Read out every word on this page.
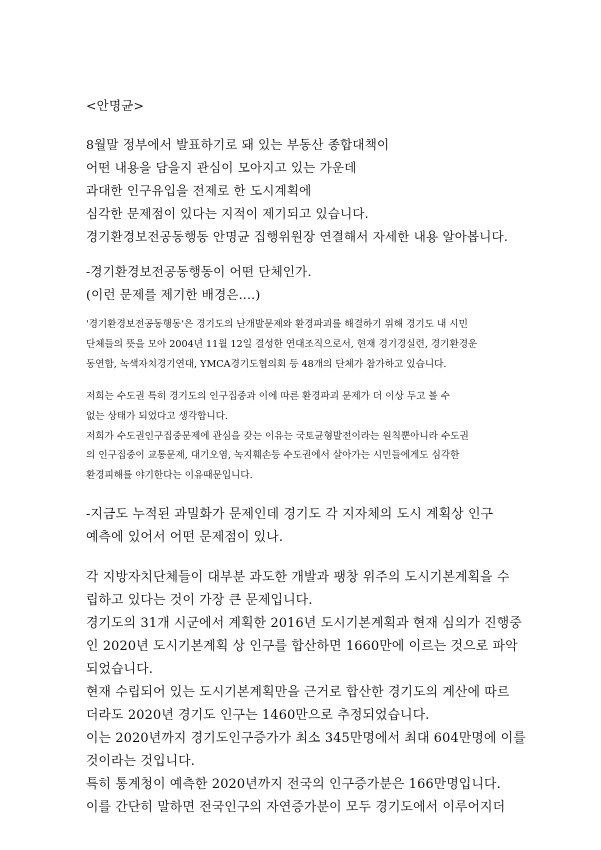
<안명균>
8월말 정부에서 발표하기로 돼 있는 부동산 종합대책이
어떤 내용을 담을지 관심이 모아지고 있는 가운데
과대한 인구유입을 전제로 한 도시계획에
심각한 문제점이 있다는 지적이 제기되고 있습니다.
경기환경보전공동행동 안명균 집행위원장 연결해서 자세한 내용 알아봅니다.
-경기환경보전공동행동이 어떤 단체인가.
(이런 문제를 제기한 배경은....)
'경기환경보전공동행동'은 경기도의 난개발문제와 환경파괴를 해결하기 위해 경기도 내 시민
단체들의 뜻을 모아 2004년 11월 12일 결성한 연대조직으로서, 현재 경기경실련, 경기환경운
동연합, 녹색자치경기연대, YMCA경기도협의회 등 48개의 단체가 참가하고 있습니다.
저희는 수도권 특히 경기도의 인구집중과 이에 따른 환경파괴 문제가 더 이상 두고 볼 수
없는 상태가 되었다고 생각합니다.
저희가 수도권인구집중문제에 관심을 갖는 이유는 국토균형발전이라는 원칙뿐아니라 수도권
의 인구집중이 교통문제, 대기오염, 녹지훼손등 수도권에서 살아가는 시민들에게도 심각한
환경피해를 야기한다는 이유때문입니다.
-지금도 누적된 과밀화가 문제인데 경기도 각 지자체의 도시 계획상 인구
예측에 있어서 어떤 문제점이 있나.
각 지방자치단체들이 대부분 과도한 개발과 팽창 위주의 도시기본계획을 수
립하고 있다는 것이 가장 큰 문제입니다.
경기도의 31개 시군에서 계획한 2016년 도시기본계획과 현재 심의가 진행중
인 2020년 도시기본계획 상 인구를 합산하면 1660만에 이르는 것으로 파악
되었습니다.
현재 수립되어 있는 도시기본계획만을 근거로 합산한 경기도의 계산에 따르
더라도 2020년 경기도 인구는 1460만으로 추정되었습니다.
이는 2020년까지 경기도인구증가가 최소 345만명에서 최대 604만명에 이를
것이라는 것입니다.
특히 통계청이 예측한 2020년까지 전국의 인구증가분은 166만명입니다.
이를 간단히 말하면 전국인구의 자연증가분이 모두 경기도에서 이루어지더
